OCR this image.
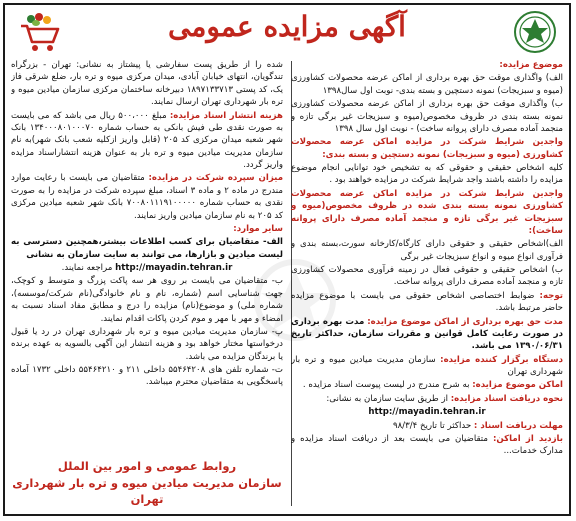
آگهی مزایده عمومی

موضوع مزایده:

الف) واگذاری موقت حق بهره برداری از اماکن عرضه محصولات کشاورزی (میوه و سبزیجات) نمونه دستچین و بسته بندی- نوبت اول سال۱۳۹۸

ب) واگذاری موقت حق بهره برداری از اماکن عرضه محصولات کشاورزی نمونه بسته بندی در ظروف مخصوص(میوه و سبزیجات غیر برگی تازه و منجمد آماده مصرف دارای پروانه ساخت) - نوبت اول سال ۱۳۹۸

واجدین شرایط شرکت در مزایده اماکن عرضه محصولات کشاورزی (میوه و سبزیجات) نمونه دستچین و بسته بندی:

کلیه اشخاص حقیقی و حقوقی که به تشخیص خود توانایی انجام موضوع مزایده را داشته باشند واجد شرایط شرکت در مزایده خواهند بود .

واجدین شرایط شرکت در مزایده اماکن عرضه محصولات کشاورزی نمونه بسته بندی شده در ظروف مخصوص(میوه و سبزیجات غیر برگی تازه و منجمد آماده مصرف دارای پروانه ساخت):

الف)اشخاص حقیقی و حقوقی دارای کارگاه/کارخانه سورت،بسته بندی و فرآوری انواع میوه و انواع سبزیجات غیر برگی

ب) اشخاص حقیقی و حقوقی فعال در زمینه فرآوری محصولات کشاورزی تازه و منجمد آماده مصرف دارای پروانه ساخت.

توجه: ضوابط اختصاصی اشخاص حقوقی می بایست با موضوع مزایده حاضر مرتبط باشد.

مدت حق بهره برداری از اماکن موضوع مزایده: مدت بهره برداری در صورت رعایت کامل قوانین و مقررات سازمان، حداکثر تاریخ ۱۳۹۰/۰۶/۳۱ می باشد.

دستگاه برگزار کننده مزایده: سازمان مدیریت میادین میوه و تره بار شهرداری تهران

اماکن موضوع مزایده: به شرح مندرج در لیست پیوست اسناد مزایده .

نحوه دریافت اسناد مزایده: از طریق سایت سازمان به نشانی:

http://mayadin.tehran.ir

مهلت دریافت اسناد : حداکثر تا تاریخ ۹۸/۳/۴

بازدید از اماکن: متقاضیان می بایست بعد از دریافت اسناد مزایده و مدارک خدمات...

شده را از طریق پست سفارشی یا پیشتاز به نشانی: تهران - بزرگراه تندگویان، انتهای خیابان آبادی، میدان مرکزی میوه و تره بار، ضلع شرقی فاز یک، کد پستی ۱۸۹۷۱۳۳۷۱۳ دبیرخانه ساختمان مرکزی سازمان میادین میوه و تره بار شهرداری تهران ارسال نمایند.

هزینه انتشار اسناد مزایده: مبلغ ۵۰۰،۰۰۰ ریال می باشد که می بایست به صورت نقدی طی فیش بانکی به حساب شماره ۱۳۴۰۰۰۸۰۱۰۰۰۷۰ بانک شهر شعبه میدان مرکزی کد ۲۰۵ (قابل واریز ازکلیه شعب بانک شهر)به نام سازمان مدیریت میادین میوه و تره بار به عنوان هزینه انتشاراسناد مزایده واریز گردد.

میزان سپرده شرکت در مزایده: متقاضیان می بایست با رعایت موارد مندرج در ماده ۲ و ماده ۳ اسناد، مبلغ سپرده شرکت در مزایده را به صورت نقدی به حساب شماره ۷۰۰۸۰۱۱۱۹۱۰۰۰۰۰ بانک شهر شعبه میادین مرکزی کد ۲۰۵ به نام سازمان میادین واریز نمایند.

سایر موارد:

الف- متقاضیان برای کسب اطلاعات بیشتر،همچنین دسترسی به لیست میادین و بازارها، می توانند به سایت سازمان به نشانی

http://mayadin.tehran.ir مراجعه نمایند.

ب- متقاضیان می بایست بر روی هر سه پاکت پزرگ و متوسط و کوچک، جهت شناسایی اسم (شماره، نام و نام خانوادگی(نام شرکت/موسسه)، شماره ملی) و موضوع(نام) مزایده را درج و مطابق مفاد اسناد نسبت به امضاء و مهر با مهر و موم کردن پاکات اقدام نمایند.

پ- سازمان مدیریت میادین میوه و تره بار شهرداری تهران در رد یا قبول درخواستها مختار خواهد بود و هزینه انتشار این آگهی بالسویه به عهده برنده یا برندگان مزایده می باشد.

ت- شماره تلفن های ۵۵۴۶۴۲۰۸ داخلی ۲۱۱ و ۵۵۴۶۴۲۱۰ داخلی ۱۷۳۲ آماده پاسخگویی به متقاضیان محترم میباشد.

روابط عمومی و امور بین الملل
سازمان مدیریت میادین میوه و تره بار شهرداری تهران
